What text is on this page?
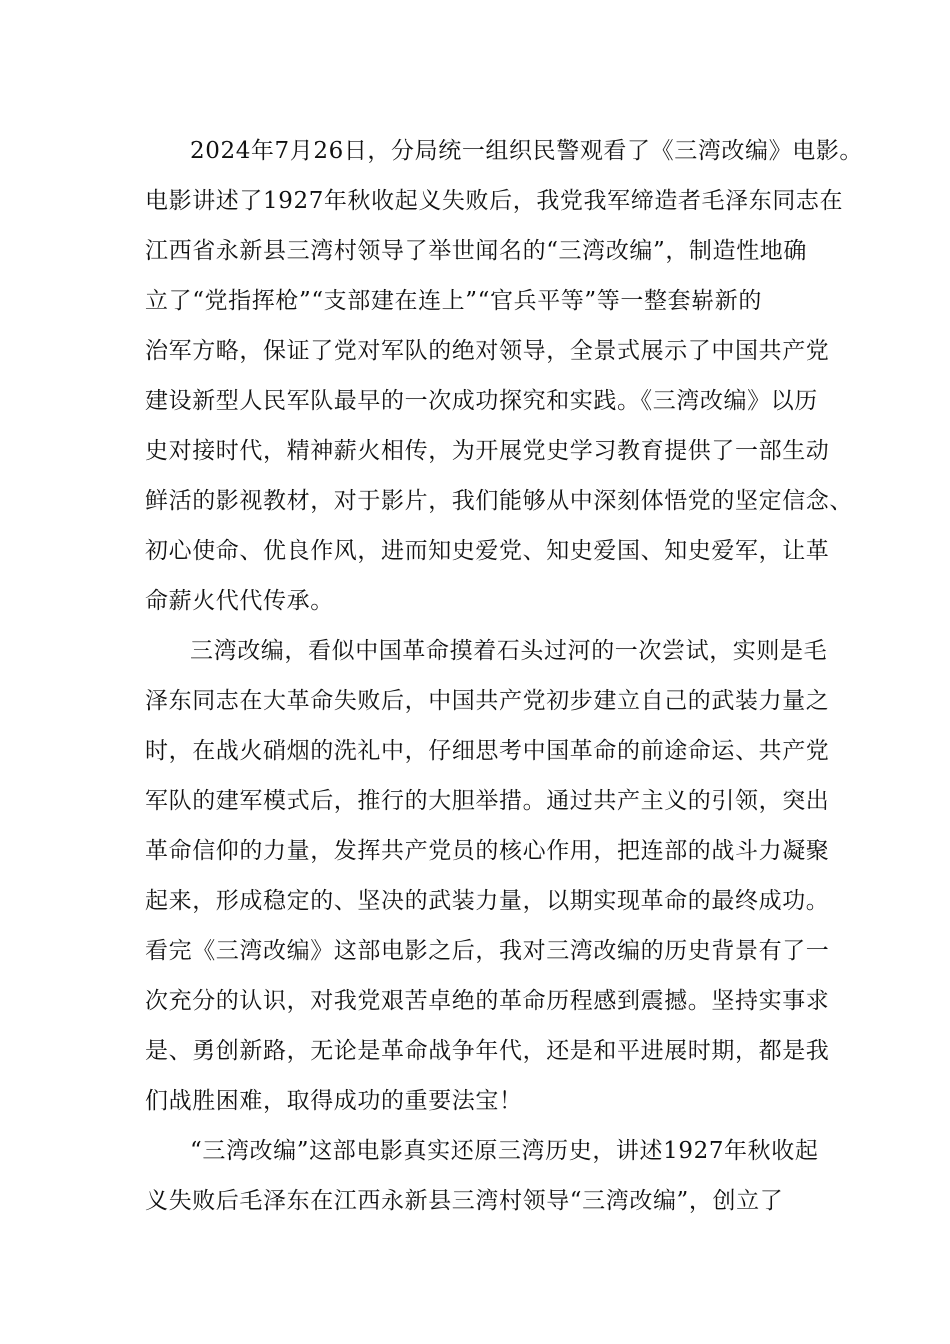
2024年7月26日，分局统一组织民警观看了《三湾改编》电影。
电影讲述了1927年秋收起义失败后，我党我军缔造者毛泽东同志在
江西省永新县三湾村领导了举世闻名的“三湾改编”，制造性地确
立了“党指挥枪”“支部建在连上”“官兵平等”等一整套崭新的
治军方略，保证了党对军队的绝对领导，全景式展示了中国共产党
建设新型人民军队最早的一次成功探究和实践。《三湾改编》以历
史对接时代，精神薪火相传，为开展党史学习教育提供了一部生动
鲜活的影视教材，对于影片，我们能够从中深刻体悟党的坚定信念、
初心使命、优良作风，进而知史爱党、知史爱国、知史爱军，让革
命薪火代代传承。
三湾改编，看似中国革命摸着石头过河的一次尝试，实则是毛
泽东同志在大革命失败后，中国共产党初步建立自己的武装力量之
时，在战火硝烟的洗礼中，仔细思考中国革命的前途命运、共产党
军队的建军模式后，推行的大胆举措。通过共产主义的引领，突出
革命信仰的力量，发挥共产党员的核心作用，把连部的战斗力凝聚
起来，形成稳定的、坚决的武装力量，以期实现革命的最终成功。
看完《三湾改编》这部电影之后，我对三湾改编的历史背景有了一
次充分的认识，对我党艰苦卓绝的革命历程感到震撼。坚持实事求
是、勇创新路，无论是革命战争年代，还是和平进展时期，都是我
们战胜困难，取得成功的重要法宝！
“三湾改编”这部电影真实还原三湾历史，讲述1927年秋收起
义失败后毛泽东在江西永新县三湾村领导“三湾改编”，创立了
